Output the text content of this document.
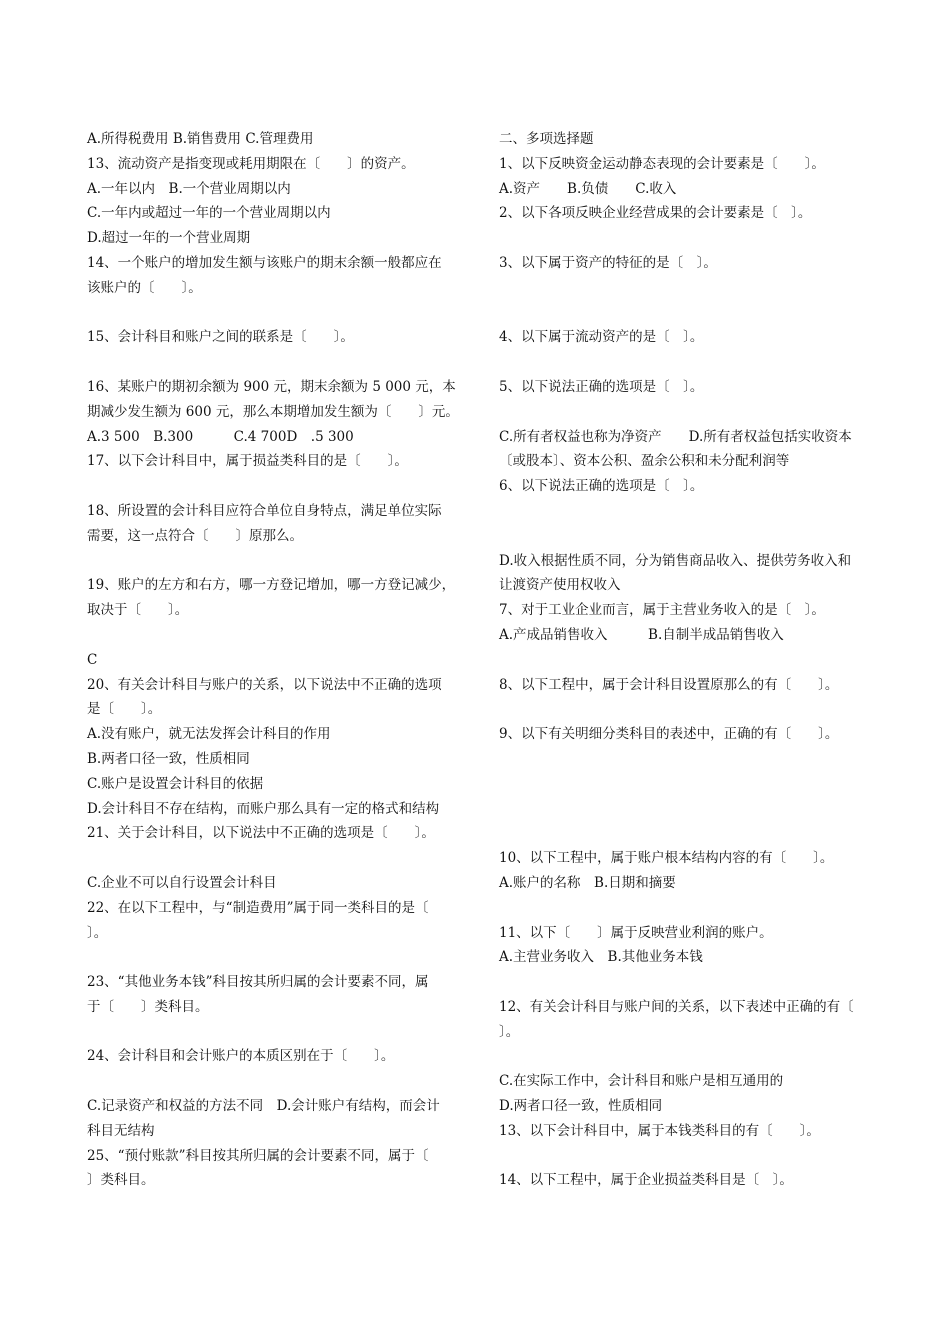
A.所得税费用 B.销售费用 C.管理费用
13、流动资产是指变现或耗用期限在〔　　〕的资产。
A.一年以内　B.一个营业周期以内
C.一年内或超过一年的一个营业周期以内
D.超过一年的一个营业周期
14、一个账户的增加发生额与该账户的期末余额一般都应在
该账户的〔　　〕。
15、会计科目和账户之间的联系是〔　　〕。
16、某账户的期初余额为 900 元，期末余额为 5 000 元，本
期减少发生额为 600 元，那么本期增加发生额为〔　　〕元。
A.3 500　B.300　　　C.4 700D　.5 300
17、以下会计科目中，属于损益类科目的是〔　　〕。
18、所设置的会计科目应符合单位自身特点，满足单位实际
需要，这一点符合〔　　〕原那么。
19、账户的左方和右方，哪一方登记增加，哪一方登记减少，
取决于〔　　〕。
C
20、有关会计科目与账户的关系，以下说法中不正确的选项
是〔　　〕。
A.没有账户，就无法发挥会计科目的作用
B.两者口径一致，性质相同
C.账户是设置会计科目的依据
D.会计科目不存在结构，而账户那么具有一定的格式和结构
21、关于会计科目，以下说法中不正确的选项是〔　　〕。
C.企业不可以自行设置会计科目
22、在以下工程中，与“制造费用”属于同一类科目的是〔
〕。
23、“其他业务本钱”科目按其所归属的会计要素不同，属
于〔　　〕类科目。
24、会计科目和会计账户的本质区别在于〔　　〕。
C.记录资产和权益的方法不同　D.会计账户有结构，而会计
科目无结构
25、“预付账款”科目按其所归属的会计要素不同，属于〔
〕类科目。
二、多项选择题
1、以下反映资金运动静态表现的会计要素是〔　　〕。
A.资产　　B.负债　　C.收入
2、以下各项反映企业经营成果的会计要素是〔　〕。
3、以下属于资产的特征的是〔　〕。
4、以下属于流动资产的是〔　〕。
5、以下说法正确的选项是〔　〕。
C.所有者权益也称为净资产　　D.所有者权益包括实收资本
〔或股本〕、资本公积、盈余公积和未分配利润等
6、以下说法正确的选项是〔　〕。
D.收入根据性质不同，分为销售商品收入、提供劳务收入和
让渡资产使用权收入
7、对于工业企业而言，属于主营业务收入的是〔　〕。
A.产成品销售收入　　　B.自制半成品销售收入
8、以下工程中，属于会计科目设置原那么的有〔　　〕。
9、以下有关明细分类科目的表述中，正确的有〔　　〕。
10、以下工程中，属于账户根本结构内容的有〔　　〕。
A.账户的名称　B.日期和摘要
11、以下〔　　〕属于反映营业利润的账户。
A.主营业务收入　B.其他业务本钱
12、有关会计科目与账户间的关系，以下表述中正确的有〔
〕。
C.在实际工作中，会计科目和账户是相互通用的
D.两者口径一致，性质相同
13、以下会计科目中，属于本钱类科目的有〔　　〕。
14、以下工程中，属于企业损益类科目是〔　〕。
